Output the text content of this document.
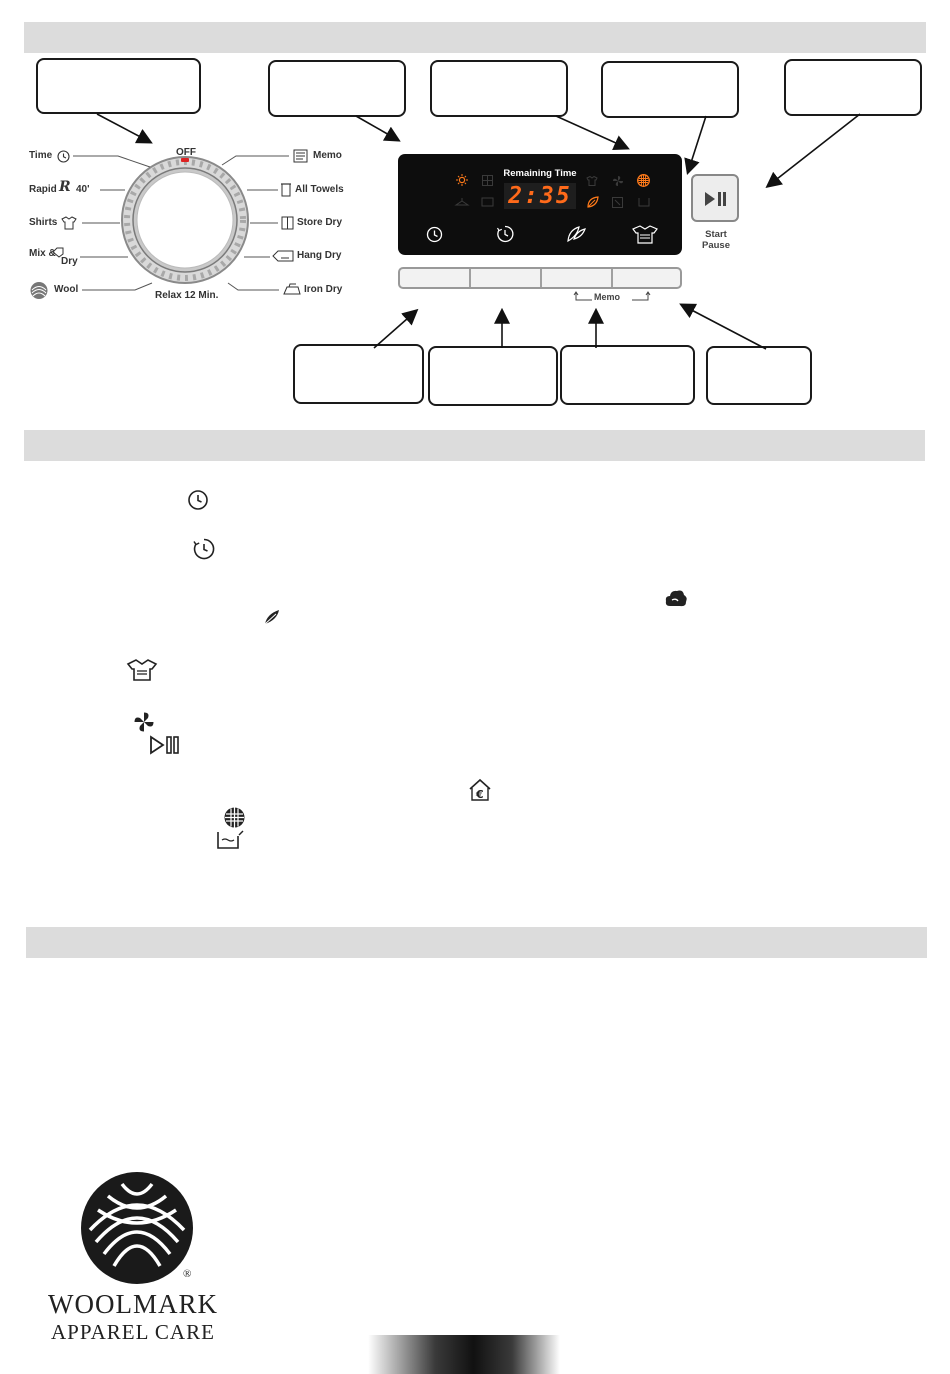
OFF
Relax 12 Min.
Time
Rapid R 40'
Shirts
Mix &
Dry
Wool
Memo
All Towels
Store Dry
Hang Dry
Iron Dry
Remaining Time
2:35
Start
Pause
Memo
€
®
WOOLMARK
APPAREL CARE
